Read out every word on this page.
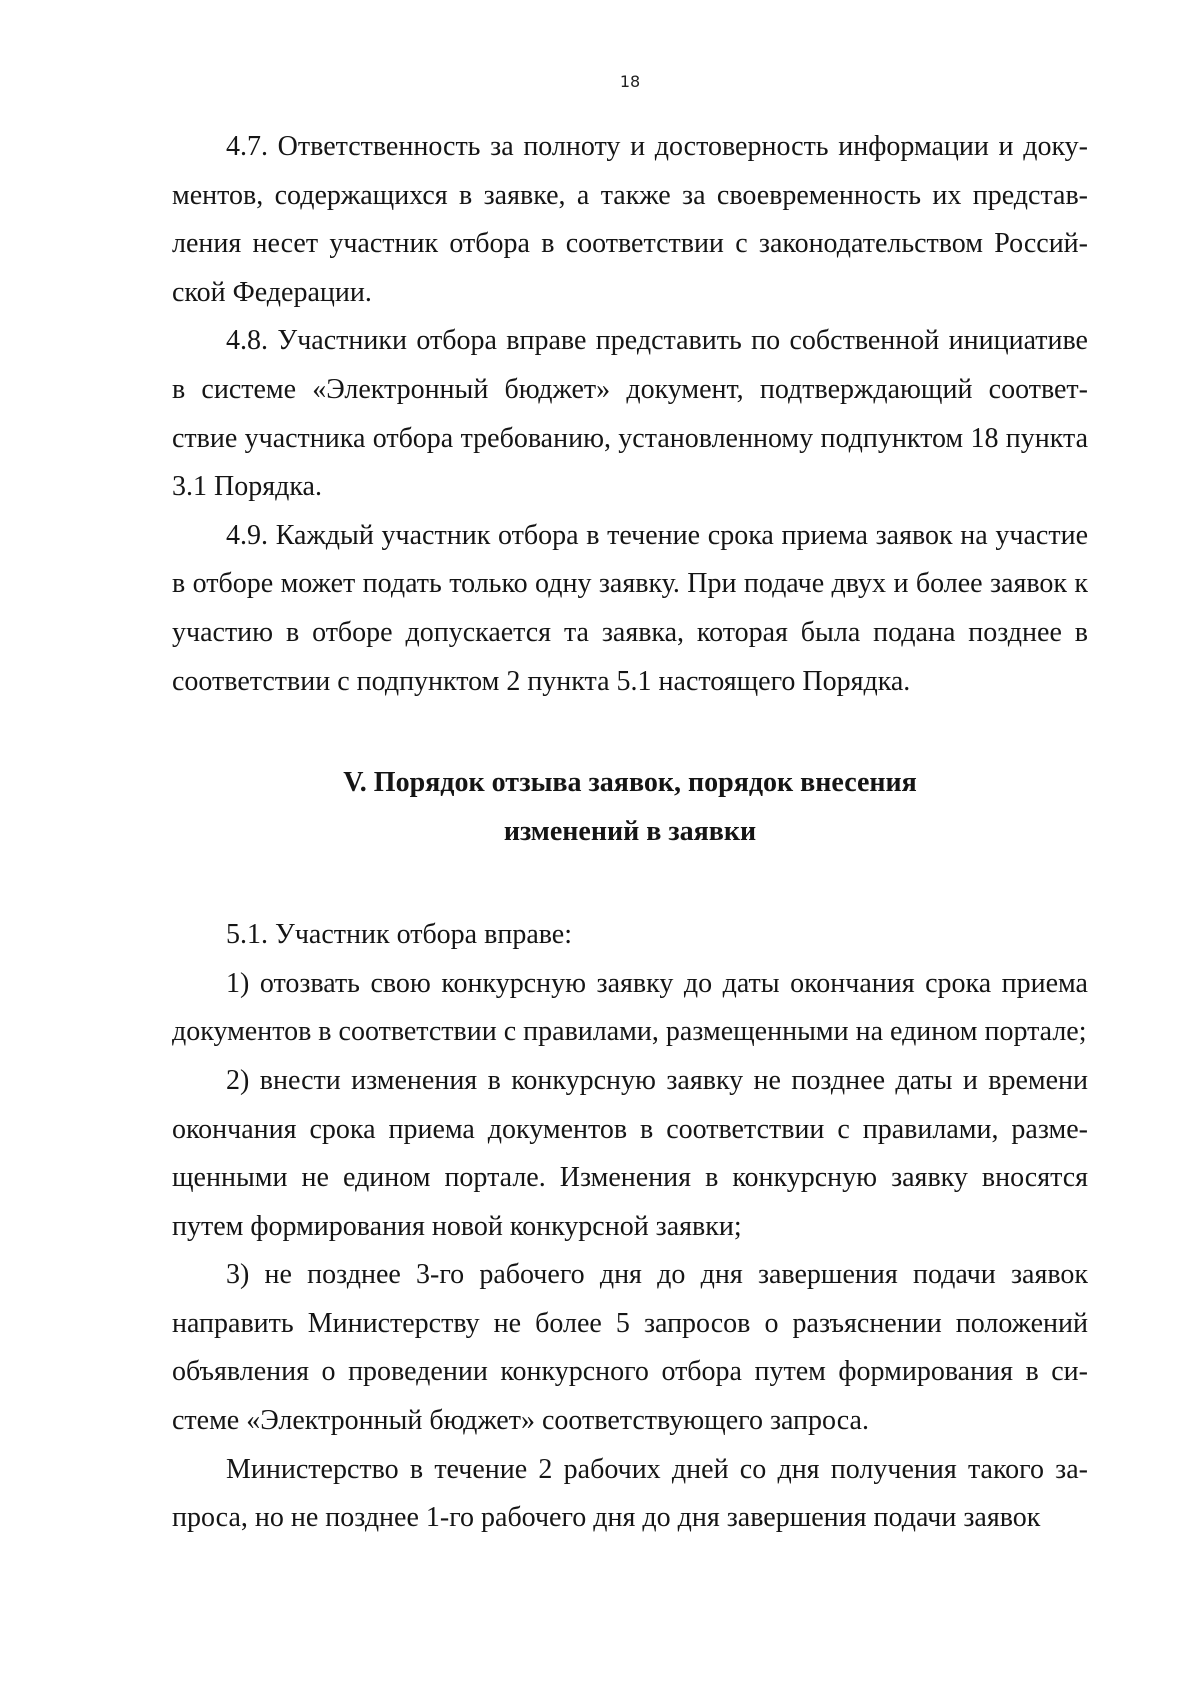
18

4.7. Ответственность за полноту и достоверность информации и документов, содержащихся в заявке, а также за своевременность их представления несет участник отбора в соответствии с законодательством Российской Федерации.

4.8. Участники отбора вправе представить по собственной инициативе в системе «Электронный бюджет» документ, подтверждающий соответствие участника отбора требованию, установленному подпунктом 18 пункта 3.1 Порядка.

4.9. Каждый участник отбора в течение срока приема заявок на участие в отборе может подать только одну заявку. При подаче двух и более заявок к участию в отборе допускается та заявка, которая была подана позднее в соответствии с подпунктом 2 пункта 5.1 настоящего Порядка.

V. Порядок отзыва заявок, порядок внесения
изменений в заявки

5.1. Участник отбора вправе:

1) отозвать свою конкурсную заявку до даты окончания срока приема документов в соответствии с правилами, размещенными на едином портале;

2) внести изменения в конкурсную заявку не позднее даты и времени окончания срока приема документов в соответствии с правилами, размещенными не едином портале. Изменения в конкурсную заявку вносятся путем формирования новой конкурсной заявки;

3) не позднее 3-го рабочего дня до дня завершения подачи заявок направить Министерству не более 5 запросов о разъяснении положений объявления о проведении конкурсного отбора путем формирования в системе «Электронный бюджет» соответствующего запроса.

Министерство в течение 2 рабочих дней со дня получения такого запроса, но не позднее 1-го рабочего дня до дня завершения подачи заявок
